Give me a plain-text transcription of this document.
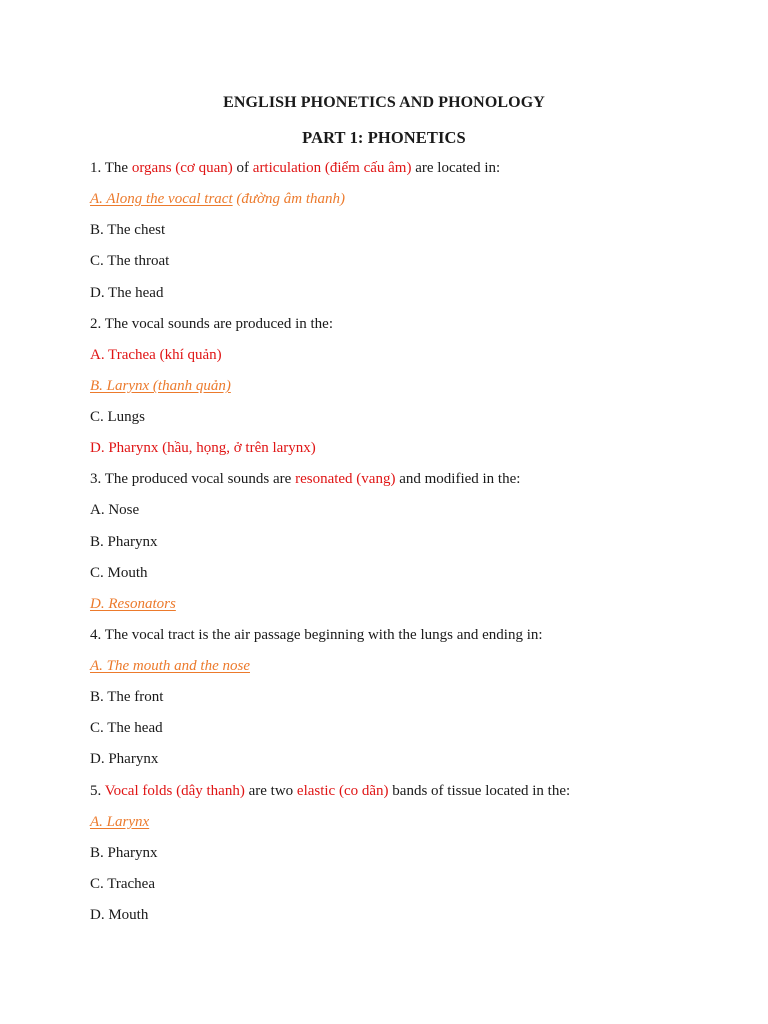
ENGLISH PHONETICS AND PHONOLOGY
PART 1: PHONETICS
1. The organs (cơ quan) of articulation (điểm cấu âm) are located in:
A. Along the vocal tract (đường âm thanh)
B. The chest
C. The throat
D. The head
2. The vocal sounds are produced in the:
A. Trachea (khí quản)
B. Larynx (thanh quản)
C. Lungs
D. Pharynx (hầu, họng, ở trên larynx)
3. The produced vocal sounds are resonated (vang) and modified in the:
A. Nose
B. Pharynx
C. Mouth
D. Resonators
4. The vocal tract is the air passage beginning with the lungs and ending in:
A. The mouth and the nose
B. The front
C. The head
D. Pharynx
5. Vocal folds (dây thanh) are two elastic (co dãn) bands of tissue located in the:
A. Larynx
B. Pharynx
C. Trachea
D. Mouth
